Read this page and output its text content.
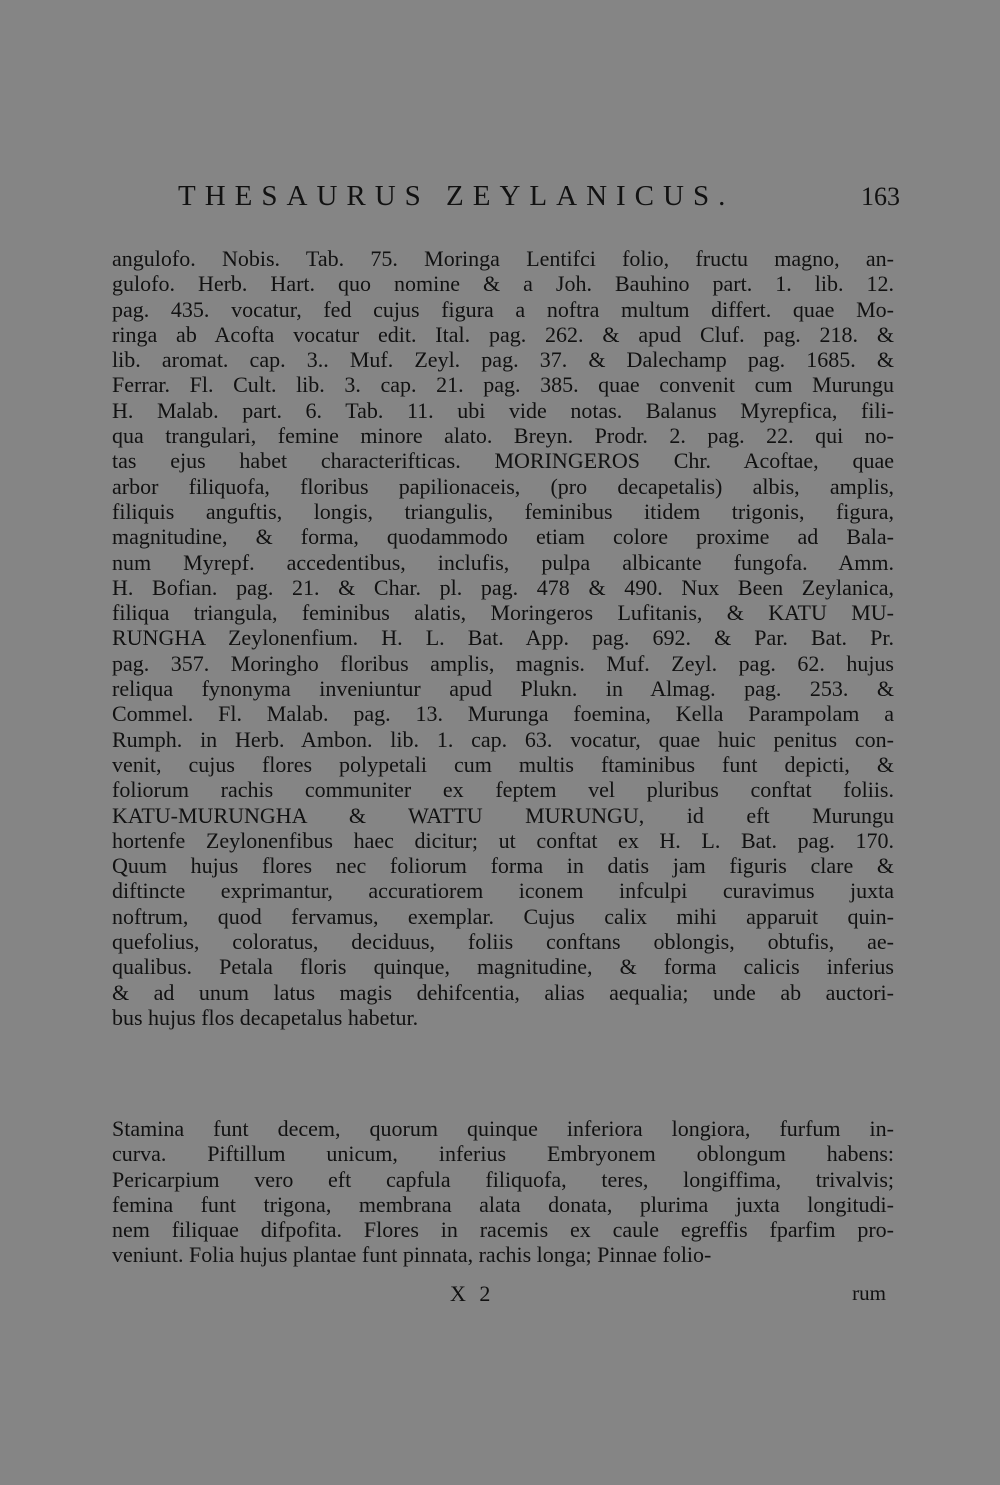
THESAURUS ZEYLANICUS.	163
angulofo. Nobis. Tab. 75. Moringa Lentifci folio, fructu magno, an-
gulofo. Herb. Hart. quo nomine & a Joh. Bauhino part. 1. lib. 12.
pag. 435. vocatur, fed cujus figura a noftra multum differt. quae Mo-
ringa ab Acofta vocatur edit. Ital. pag. 262. & apud Cluf. pag. 218. &
lib. aromat. cap. 3.. Muf. Zeyl. pag. 37. & Dalechamp pag. 1685. &
Ferrar. Fl. Cult. lib. 3. cap. 21. pag. 385. quae convenit cum Murungu
H. Malab. part. 6. Tab. 11. ubi vide notas. Balanus Myrepfica, fili-
qua trangulari, femine minore alato. Breyn. Prodr. 2. pag. 22. qui no-
tas ejus habet characterifticas. MORINGEROS Chr. Acoftae, quae
arbor filiquofa, floribus papilionaceis, (pro decapetalis) albis, amplis,
filiquis anguftis, longis, triangulis, feminibus itidem trigonis, figura,
magnitudine, & forma, quodammodo etiam colore proxime ad Bala-
num Myrepf. accedentibus, inclufis, pulpa albicante fungofa. Amm.
H. Bofian. pag. 21. & Char. pl. pag. 478 & 490. Nux Been Zeylanica,
filiqua triangula, feminibus alatis, Moringeros Lufitanis, & KATU MU-
RUNGHA Zeylonenfium. H. L. Bat. App. pag. 692. & Par. Bat. Pr.
pag. 357. Moringho floribus amplis, magnis. Muf. Zeyl. pag. 62. hujus
reliqua fynonyma inveniuntur apud Plukn. in Almag. pag. 253. &
Commel. Fl. Malab. pag. 13. Murunga foemina, Kella Parampolam a
Rumph. in Herb. Ambon. lib. 1. cap. 63. vocatur, quae huic penitus con-
venit, cujus flores polypetali cum multis ftaminibus funt depicti, &
foliorum rachis communiter ex feptem vel pluribus conftat foliis.
KATU-MURUNGHA & WATTU MURUNGU, id eft Murungu
hortenfe Zeylonenfibus haec dicitur; ut conftat ex H. L. Bat. pag. 170.
Quum hujus flores nec foliorum forma in datis jam figuris clare &
diftincte exprimantur, accuratiorem iconem infculpi curavimus juxta
noftrum, quod fervamus, exemplar. Cujus calix mihi apparuit quin-
quefolius, coloratus, deciduus, foliis conftans oblongis, obtufis, ae-
qualibus. Petala floris quinque, magnitudine, & forma calicis inferius
& ad unum latus magis dehifcentia, alias aequalia; unde ab auctori-
bus hujus flos decapetalus habetur.
Stamina funt decem, quorum quinque inferiora longiora, furfum in-
curva. Piftillum unicum, inferius Embryonem oblongum habens:
Pericarpium vero eft capfula filiquofa, teres, longiffima, trivalvis;
femina funt trigona, membrana alata donata, plurima juxta longitudi-
nem filiquae difpofita. Flores in racemis ex caule egreffis fparfim pro-
veniunt. Folia hujus plantae funt pinnata, rachis longa; Pinnae folio-
X 2	rum
